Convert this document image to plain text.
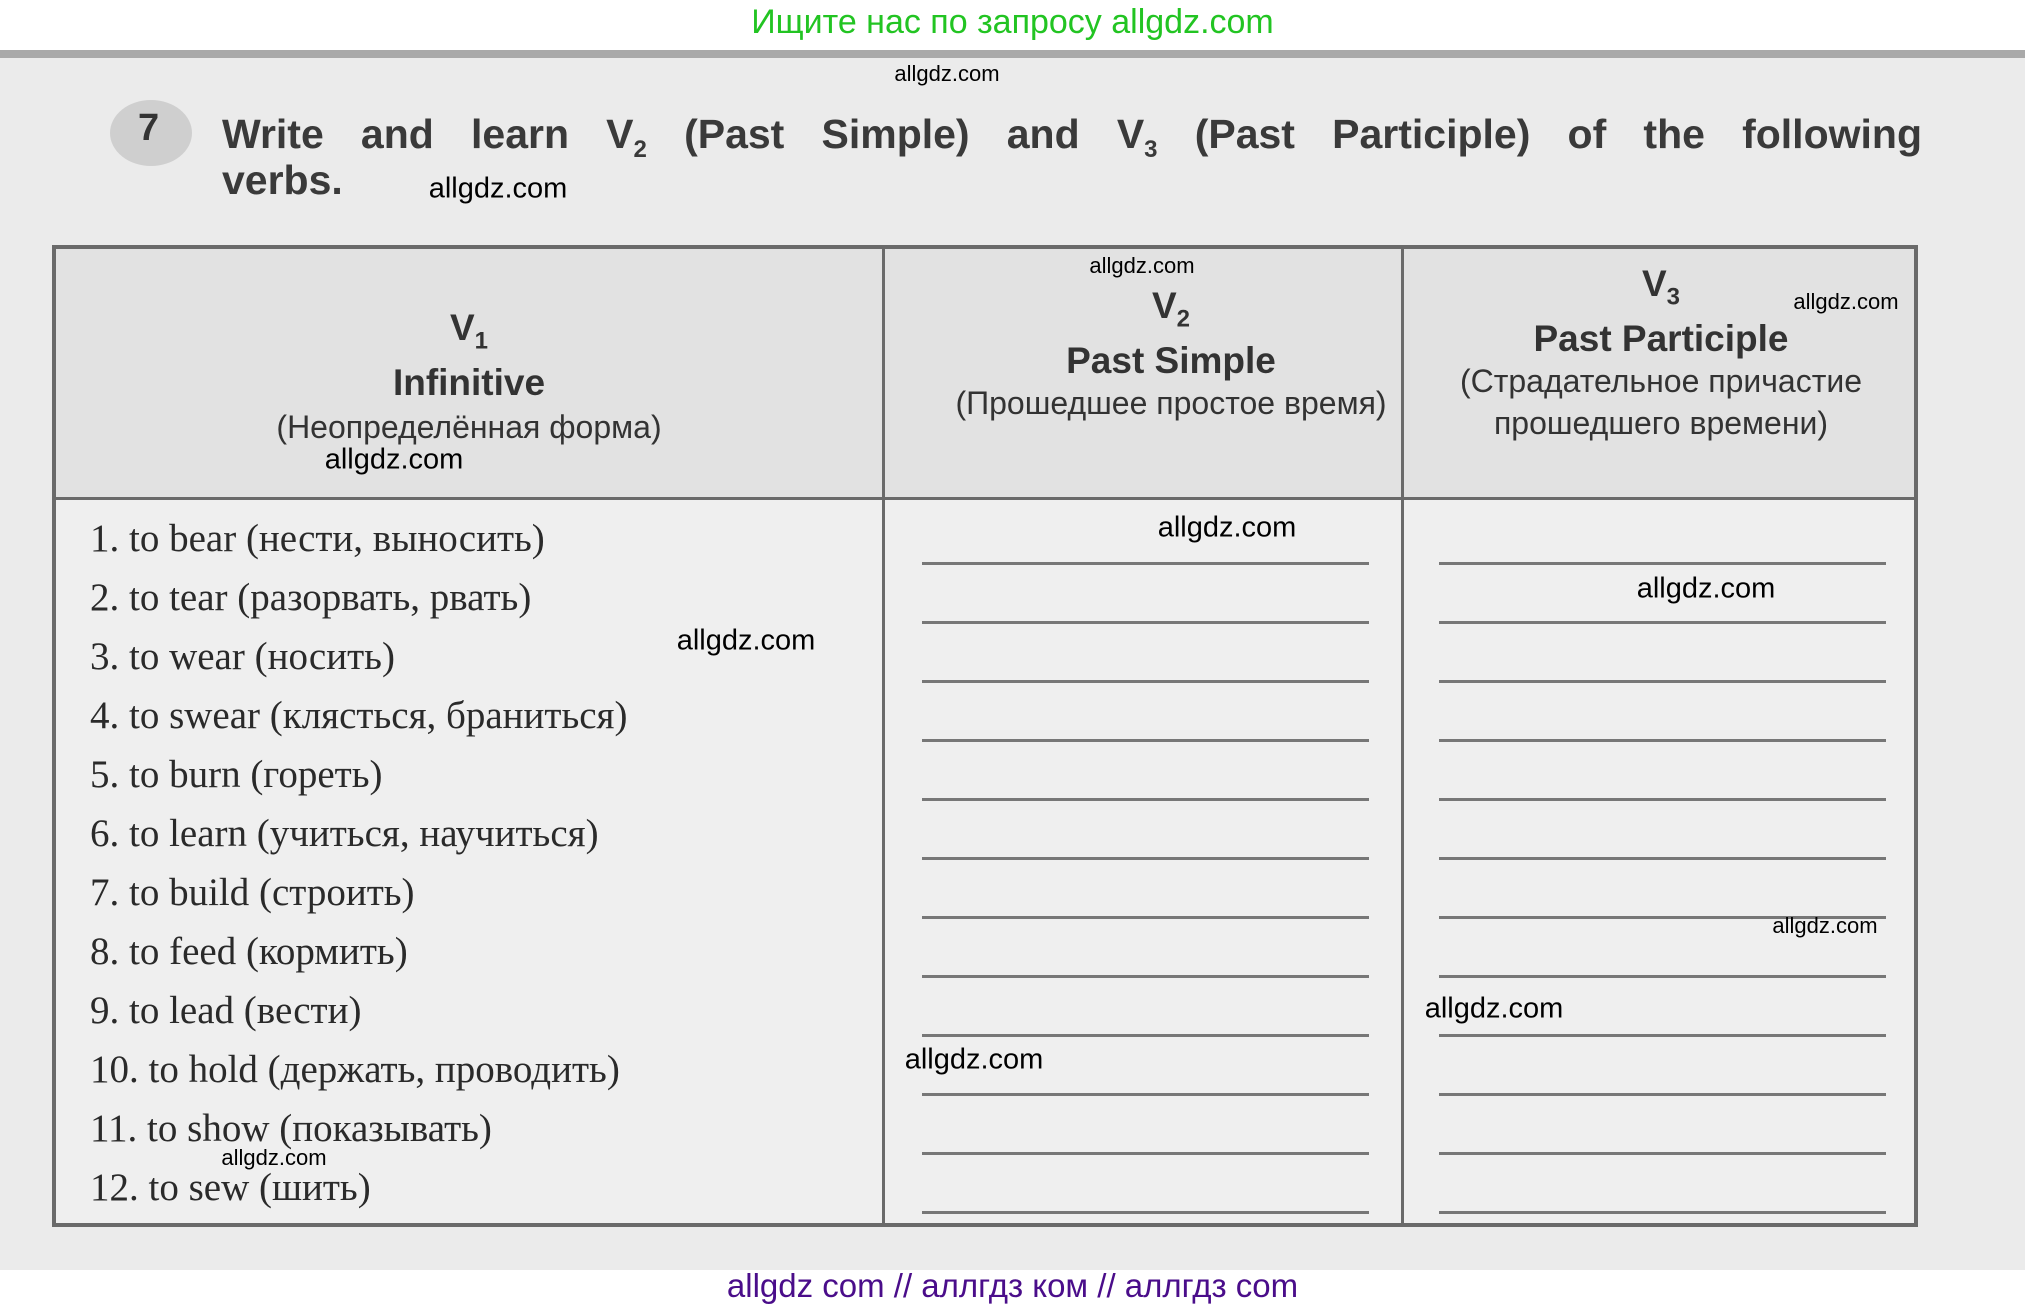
Ищите нас по запросу allgdz.com
7	Write and learn $V_2$ (Past Simple) and $V_3$ (Past Participle) of the following
verbs.
$V_1$
Infinitive
(Неопределённая форма)
$V_2$
Past Simple
(Прошедшее простое время)
$V_3$
Past Participle
(Страдательное причастие прошедшего времени)
1. to bear (нести, выносить)
2. to tear (разорвать, рвать)
3. to wear (носить)
4. to swear (клясться, браниться)
5. to burn (гореть)
6. to learn (учиться, научиться)
7. to build (строить)
8. to feed (кормить)
9. to lead (вести)
10. to hold (держать, проводить)
11. to show (показывать)
12. to sew (шить)
allgdz.com
allgdz.com
allgdz.com
allgdz.com
allgdz.com
allgdz.com
allgdz.com
allgdz.com
allgdz.com
allgdz.com
allgdz.com
allgdz.com
allgdz com // аллгдз ком // аллгдз com
